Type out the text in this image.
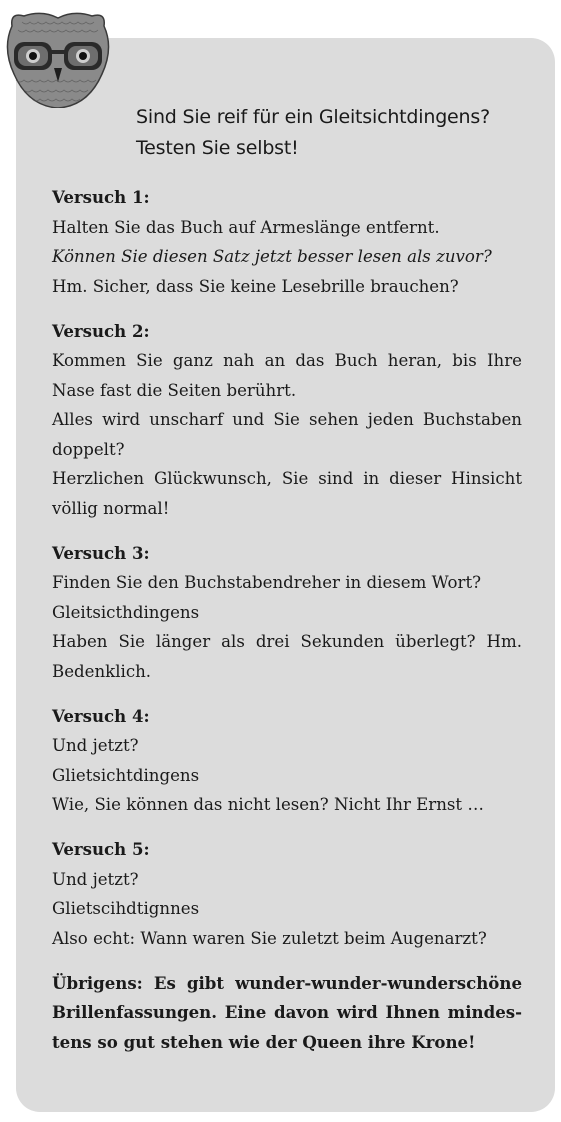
Sind Sie reif für ein Gleitsichtdingens?
Testen Sie selbst!
Versuch 1:

Halten Sie das Buch auf Armeslänge entfernt.

Können Sie diesen Satz jetzt besser lesen als zuvor?

Hm. Sicher, dass Sie keine Lesebrille brauchen?

Versuch 2:

Kommen Sie ganz nah an das Buch heran, bis Ihre Nase fast die Seiten berührt.

Alles wird unscharf und Sie sehen jeden Buchstaben doppelt?

Herzlichen Glückwunsch, Sie sind in dieser Hinsicht völlig normal!

Versuch 3:

Finden Sie den Buchstabendreher in diesem Wort?

Gleitsicthdingens

Haben Sie länger als drei Sekunden überlegt? Hm. Bedenklich.

Versuch 4:

Und jetzt?

Glietsichtdingens

Wie, Sie können das nicht lesen? Nicht Ihr Ernst …

Versuch 5:

Und jetzt?

Glietscihdtignnes

Also echt: Wann waren Sie zuletzt beim Augenarzt?

Übrigens: Es gibt wunder-wunder-wunderschöne Brillenfassungen. Eine davon wird Ihnen mindestens so gut stehen wie der Queen ihre Krone!
